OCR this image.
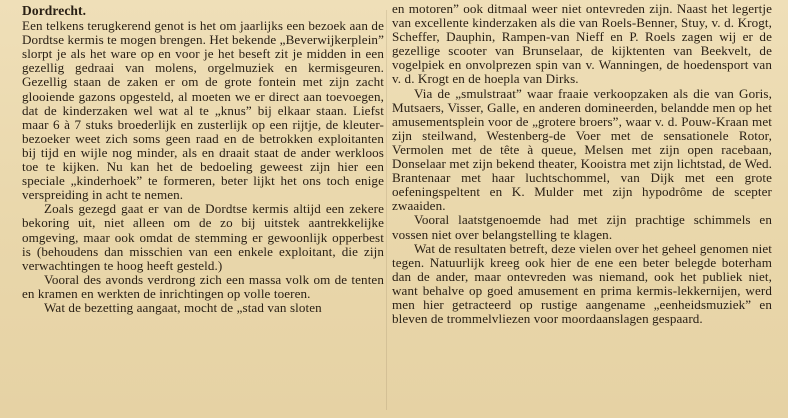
Dordrecht.

Een telkens terugkerend genot is het om jaarlijks een bezoek aan de Dordtse kermis te mogen brengen. Het bekende „Beverwijkerplein” slorpt je als het ware op en voor je het beseft zit je midden in een gezellig gedraai van molens, orgelmuziek en kermisgeuren. Gezellig staan de zaken er om de grote fontein met zijn zacht glooiende gazons opgesteld, al moeten we er direct aan toevoegen, dat de kinderzaken wel wat al te „knus” bij elkaar staan. Liefst maar 6 à 7 stuks broederlijk en zusterlijk op een rijtje, de kleuter-bezoeker weet zich soms geen raad en de betrokken exploitanten bij tijd en wijle nog minder, als en draait staat de ander werkloos toe te kijken. Nu kan het de bedoeling geweest zijn hier een speciale „kinderhoek” te formeren, beter lijkt het ons toch enige verspreiding in acht te nemen.

Zoals gezegd gaat er van de Dordtse kermis altijd een zekere bekoring uit, niet alleen om de zo bij uitstek aantrekkelijke omgeving, maar ook omdat de stemming er gewoonlijk opperbest is (behoudens dan misschien van een enkele exploitant, die zijn verwachtingen te hoog heeft gesteld.)

Vooral des avonds verdrong zich een massa volk om de tenten en kramen en werkten de inrichtingen op volle toeren.

Wat de bezetting aangaat, mocht de „stad van sloten

en motoren” ook ditmaal weer niet ontevreden zijn. Naast het legertje van excellente kinderzaken als die van Roels-Benner, Stuy, v. d. Krogt, Scheffer, Dauphin, Rampen-van Nieff en P. Roels zagen wij er de gezellige scooter van Brunselaar, de kijktenten van Beekvelt, de vogelpiek en onvolprezen spin van v. Wanningen, de hoedensport van v. d. Krogt en de hoepla van Dirks.

Via de „smulstraat” waar fraaie verkoopzaken als die van Goris, Mutsaers, Visser, Galle, en anderen domineerden, belandde men op het amusementsplein voor de „grotere broers”, waar v. d. Pouw-Kraan met zijn steilwand, Westenberg-de Voer met de sensationele Rotor, Vermolen met de tête à queue, Melsen met zijn open racebaan, Donselaar met zijn bekend theater, Kooistra met zijn lichtstad, de Wed. Brantenaar met haar luchtschommel, van Dijk met een grote oefeningspeltent en K. Mulder met zijn hypodrôme de scepter zwaaiden.

Vooral laatstgenoemde had met zijn prachtige schimmels en vossen niet over belangstelling te klagen.

Wat de resultaten betreft, deze vielen over het geheel genomen niet tegen. Natuurlijk kreeg ook hier de ene een beter belegde boterham dan de ander, maar ontevreden was niemand, ook het publiek niet, want behalve op goed amusement en prima kermis-lekkernijen, werd men hier getracteerd op rustige aangename „eenheidsmuziek” en bleven de trommelvliezen voor moordaanslagen gespaard.
